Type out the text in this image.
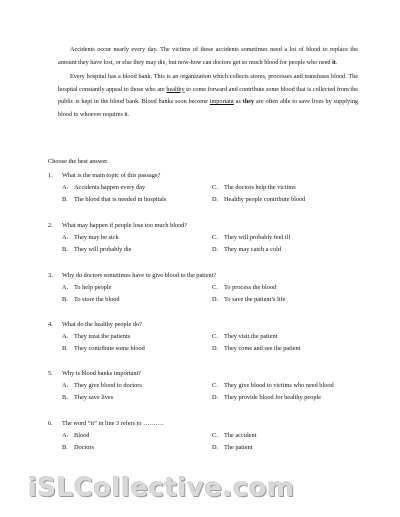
Accidents occur nearly every day. The victims of these accidents sometimes need a lot of blood to replace the amount they have lost, or else they may die, but now-how can doctors get so much blood for people who need it.

Every hospital has a blood bank. This is an organization which collects stores, processes and transfuses blood. The hospital constantly appeal to those who are healthy to come forward and contribute some blood that is collected from the public is kept in the blood bank. Blood banks soon become important as they are often able to save lives by supplying blood to whoever requires it.

Choose the best answer.
1. What is the main topic of this passage?
A. Accidents happen every day
B. The blood that is needed in hospitals
C. The doctors help the victims
D. Healthy people contribute blood
2. What may happen if people lose too much blood?
A. They may be sick
B. They will probably die
C. They will probably feel ill
D. They may catch a cold
3. Why do doctors sometimes have to give blood to the patient?
A. To help people
B. To store the blood
C. To process the blood
D. To save the patient’s life
4. What do the healthy people do?
A. They treat the patients
B. They contribute some blood
C. They visit the patient
D. They come and see the patient
5. Why is blood banks important?
A. They give blood to doctors
B. They save lives
C. They give blood to victims who need blood
D. They provide blood for healthy people
6. The word “it” in line 3 refers to ……….
A. Blood
B. Doctors
C. The accident
D. The patient
iSLCollective.com
